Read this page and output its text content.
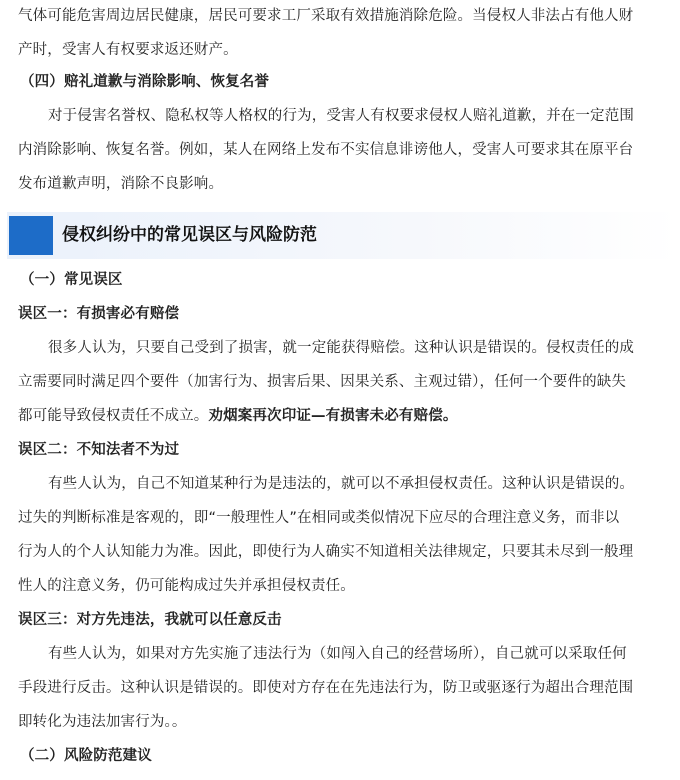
气体可能危害周边居民健康，居民可要求工厂采取有效措施消除危险。当侵权人非法占有他人财
产时，受害人有权要求返还财产。
（四）赔礼道歉与消除影响、恢复名誉
对于侵害名誉权、隐私权等人格权的行为，受害人有权要求侵权人赔礼道歉，并在一定范围
内消除影响、恢复名誉。例如，某人在网络上发布不实信息诽谤他人，受害人可要求其在原平台
发布道歉声明，消除不良影响。
侵权纠纷中的常见误区与风险防范
（一）常见误区
误区一：有损害必有赔偿
很多人认为，只要自己受到了损害，就一定能获得赔偿。这种认识是错误的。侵权责任的成
立需要同时满足四个要件（加害行为、损害后果、因果关系、主观过错），任何一个要件的缺失
都可能导致侵权责任不成立。劝烟案再次印证—有损害未必有赔偿。
误区二：不知法者不为过
有些人认为，自己不知道某种行为是违法的，就可以不承担侵权责任。这种认识是错误的。
过失的判断标准是客观的，即“一般理性人”在相同或类似情况下应尽的合理注意义务，而非以
行为人的个人认知能力为准。因此，即使行为人确实不知道相关法律规定，只要其未尽到一般理
性人的注意义务，仍可能构成过失并承担侵权责任。
误区三：对方先违法，我就可以任意反击
有些人认为，如果对方先实施了违法行为（如闯入自己的经营场所），自己就可以采取任何
手段进行反击。这种认识是错误的。即使对方存在在先违法行为，防卫或驱逐行为超出合理范围
即转化为违法加害行为。。
（二）风险防范建议
